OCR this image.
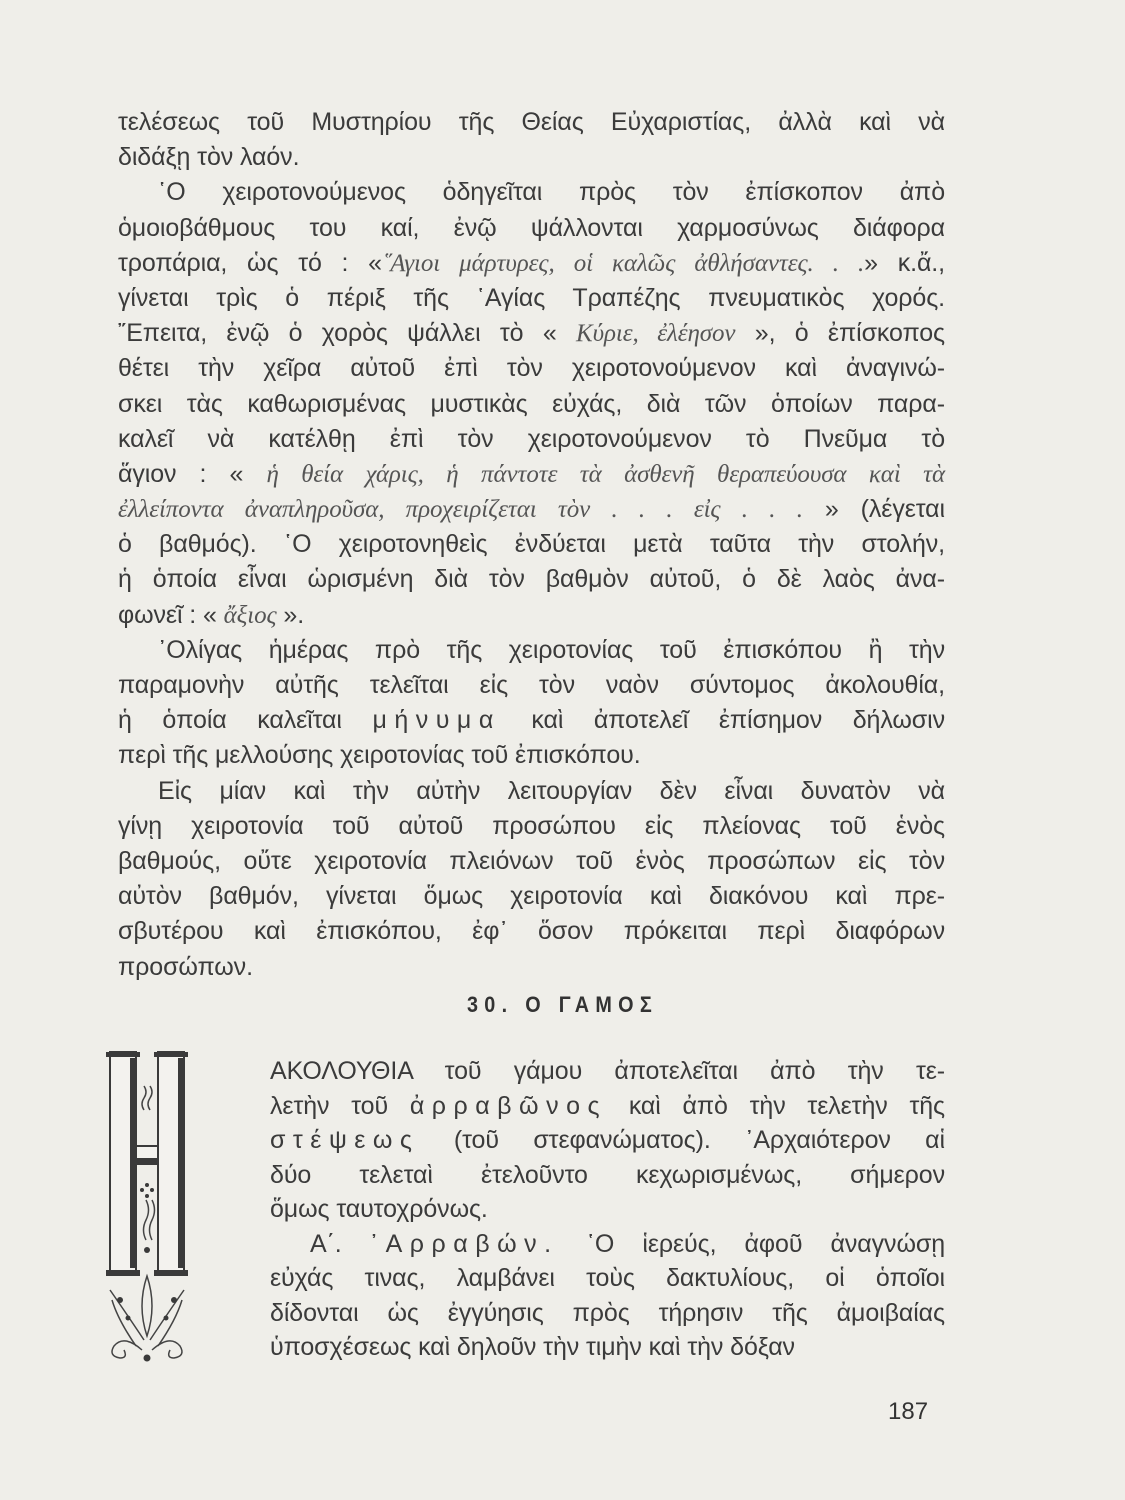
τελέσεως τοῦ Μυστηρίου τῆς Θείας Εὐχαριστίας, ἀλλὰ καὶ νὰ
διδάξῃ τὸν λαόν.
῾Ο χειροτονούμενος ὁδηγεῖται πρὸς τὸν ἐπίσκοπον ἀπὸ
ὁμοιοβάθμους του καί, ἐνῷ ψάλλονται χαρμοσύνως διάφορα
τροπάρια, ὡς τό : «῞Αγιοι μάρτυρες, οἱ καλῶς ἀθλήσαντες. . .» κ.ἄ.,
γίνεται τρὶς ὁ πέριξ τῆς ῾Αγίας Τραπέζης πνευματικὸς χορός.
῎Επειτα, ἐνῷ ὁ χορὸς ψάλλει τὸ « Κύριε, ἐλέησον », ὁ ἐπίσκοπος
θέτει τὴν χεῖρα αὐτοῦ ἐπὶ τὸν χειροτονούμενον καὶ ἀναγινώ-
σκει τὰς καθωρισμένας μυστικὰς εὐχάς, διὰ τῶν ὁποίων παρα-
καλεῖ νὰ κατέλθῃ ἐπὶ τὸν χειροτονούμενον τὸ Πνεῦμα τὸ
ἅγιον : « ἡ θεία χάρις, ἡ πάντοτε τὰ ἀσθενῆ θεραπεύουσα καὶ τὰ
ἐλλείποντα ἀναπληροῦσα, προχειρίζεται τὸν . . . εἰς . . . » (λέγεται
ὁ βαθμός). ῾Ο χειροτονηθεὶς ἐνδύεται μετὰ ταῦτα τὴν στολήν,
ἡ ὁποία εἶναι ὡρισμένη διὰ τὸν βαθμὸν αὐτοῦ, ὁ δὲ λαὸς ἀνα-
φωνεῖ : « ἄξιος ».
᾿Ολίγας ἡμέρας πρὸ τῆς χειροτονίας τοῦ ἐπισκόπου ἢ τὴν
παραμονὴν αὐτῆς τελεῖται εἰς τὸν ναὸν σύντομος ἀκολουθία,
ἡ ὁποία καλεῖται μήνυμα καὶ ἀποτελεῖ ἐπίσημον δήλωσιν
περὶ τῆς μελλούσης χειροτονίας τοῦ ἐπισκόπου.
Εἰς μίαν καὶ τὴν αὐτὴν λειτουργίαν δὲν εἶναι δυνατὸν νὰ
γίνῃ χειροτονία τοῦ αὐτοῦ προσώπου εἰς πλείονας τοῦ ἑνὸς
βαθμούς, οὔτε χειροτονία πλειόνων τοῦ ἑνὸς προσώπων εἰς τὸν
αὐτὸν βαθμόν, γίνεται ὅμως χειροτονία καὶ διακόνου καὶ πρε-
σβυτέρου καὶ ἐπισκόπου, ἐφ᾿ ὅσον πρόκειται περὶ διαφόρων
προσώπων.
30. Ο ΓΑΜΟΣ
ΑΚΟΛΟΥΘΙΑ τοῦ γάμου ἀποτελεῖται ἀπὸ τὴν τε-
λετὴν τοῦ ἀρραβῶνος καὶ ἀπὸ τὴν τελετὴν τῆς
στέψεως (τοῦ στεφανώματος). ᾿Αρχαιότερον αἱ
δύο τελεταὶ ἐτελοῦντο κεχωρισμένως, σήμερον
ὅμως ταυτοχρόνως.
Α΄. ᾿Αρραβών. ῾Ο ἱερεύς, ἀφοῦ ἀναγνώσῃ
εὐχάς τινας, λαμβάνει τοὺς δακτυλίους, οἱ ὁποῖοι
δίδονται ὡς ἐγγύησις πρὸς τήρησιν τῆς ἀμοιβαίας
ὑποσχέσεως καὶ δηλοῦν τὴν τιμὴν καὶ τὴν δόξαν
187
